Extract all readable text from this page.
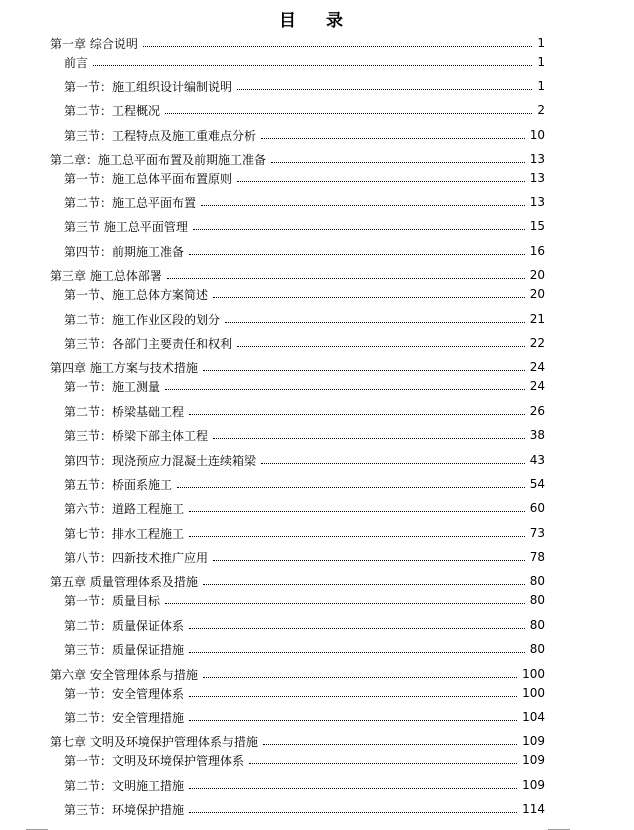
目 录
第一章 综合说明	1
前言	1
第一节：施工组织设计编制说明	1
第二节：工程概况	2
第三节：工程特点及施工重难点分析	10
第二章：施工总平面布置及前期施工准备	13
第一节：施工总体平面布置原则	13
第二节：施工总平面布置	13
第三节 施工总平面管理	15
第四节：前期施工准备	16
第三章 施工总体部署	20
第一节、施工总体方案简述	20
第二节：施工作业区段的划分	21
第三节：各部门主要责任和权利	22
第四章 施工方案与技术措施	24
第一节：施工测量	24
第二节：桥梁基础工程	26
第三节：桥梁下部主体工程	38
第四节：现浇预应力混凝土连续箱梁	43
第五节：桥面系施工	54
第六节：道路工程施工	60
第七节：排水工程施工	73
第八节：四新技术推广应用	78
第五章 质量管理体系及措施	80
第一节：质量目标	80
第二节：质量保证体系	80
第三节：质量保证措施	80
第六章 安全管理体系与措施	100
第一节：安全管理体系	100
第二节：安全管理措施	104
第七章 文明及环境保护管理体系与措施	109
第一节：文明及环境保护管理体系	109
第二节：文明施工措施	109
第三节：环境保护措施	114
